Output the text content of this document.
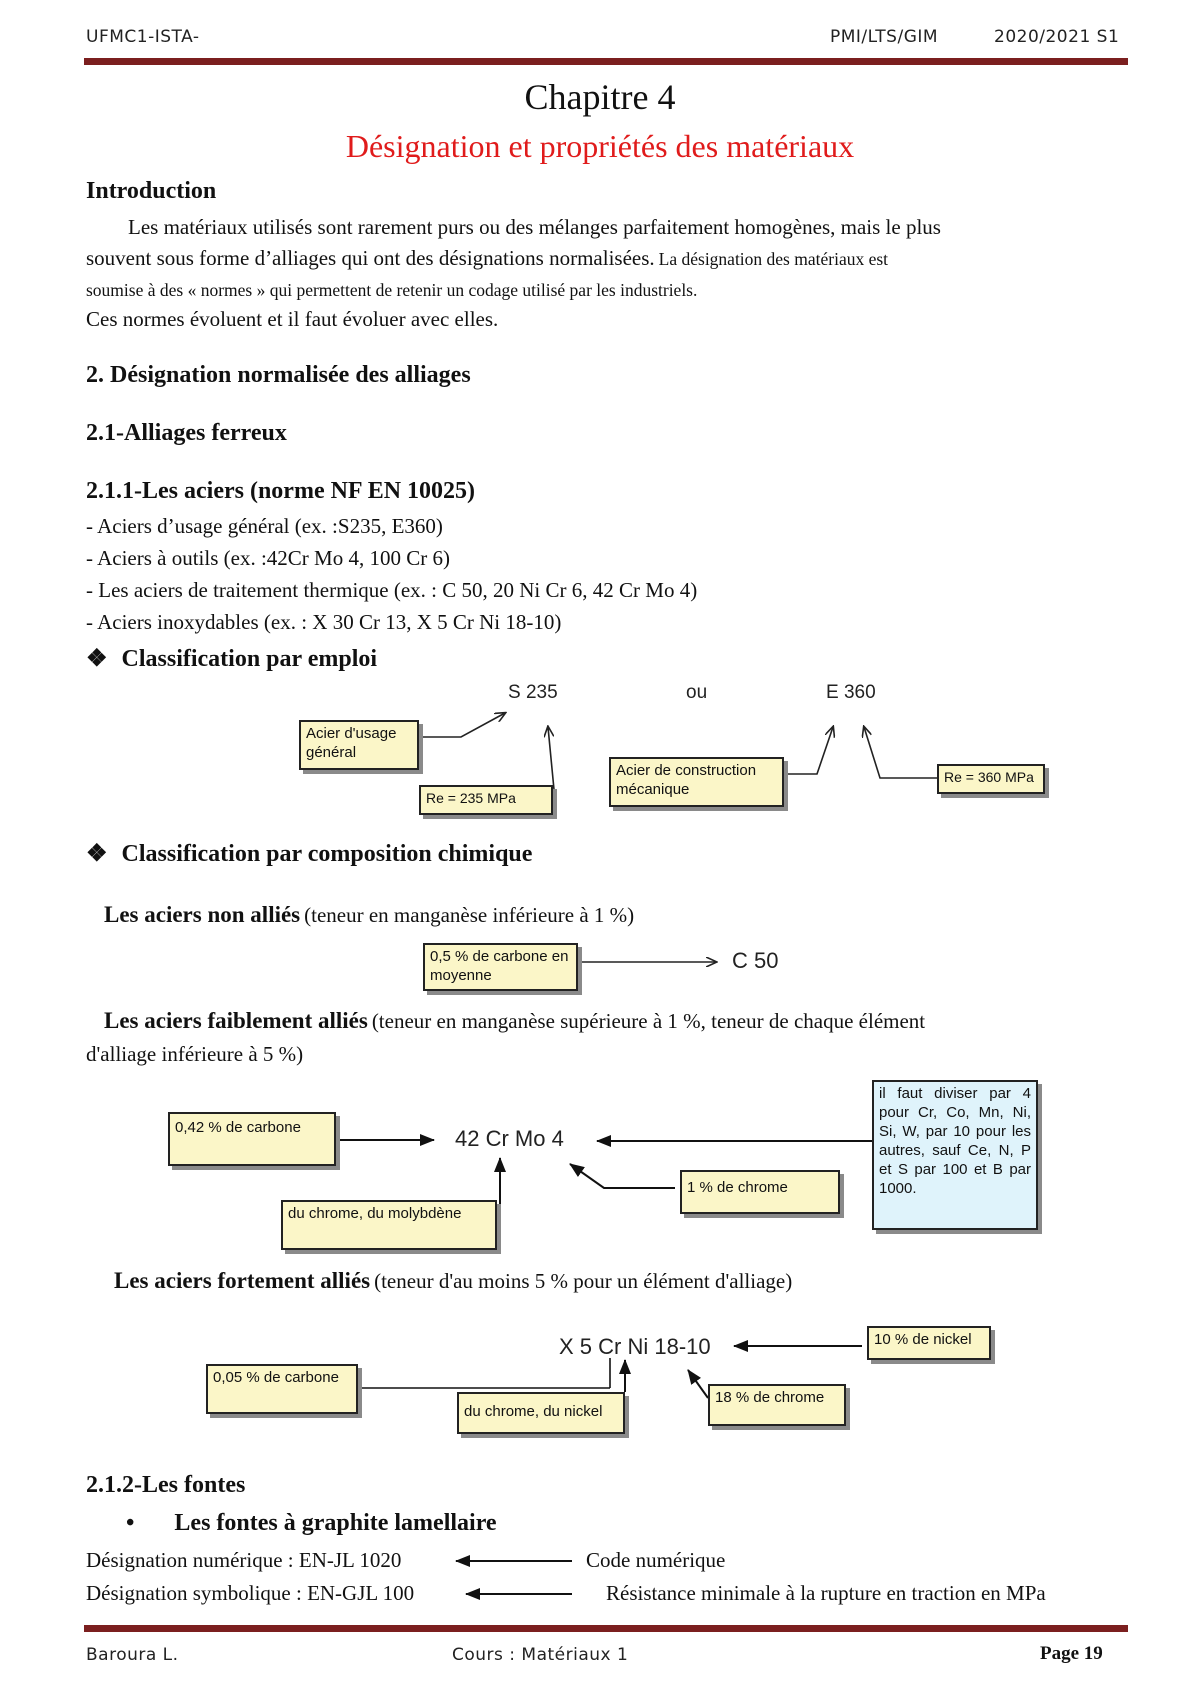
UFMC1-ISTA-	PMI/LTS/GIM	2020/2021 S1
Chapitre 4
Désignation et propriétés des matériaux
Introduction
Les matériaux utilisés sont rarement purs ou des mélanges parfaitement homogènes, mais le plus
souvent sous forme d’alliages qui ont des désignations normalisées. La désignation des matériaux est
soumise à des « normes » qui permettent de retenir un codage utilisé par les industriels.
Ces normes évoluent et il faut évoluer avec elles.
2. Désignation normalisée des alliages
2.1-Alliages ferreux
2.1.1-Les aciers (norme NF EN 10025)
- Aciers d’usage général (ex. :S235, E360)
- Aciers à outils (ex. :42Cr Mo 4, 100 Cr 6)
- Les aciers de traitement thermique (ex. : C 50, 20 Ni Cr 6, 42 Cr Mo 4)
- Aciers inoxydables (ex. : X 30 Cr 13, X 5 Cr Ni 18-10)
❖ Classification par emploi
S 235	ou	E 360
Acier d'usage général
Re = 235 MPa
Acier de construction mécanique
Re = 360 MPa
❖ Classification par composition chimique
Les aciers non alliés (teneur en manganèse inférieure à 1 %)
0,5 % de carbone en moyenne
C 50
Les aciers faiblement alliés (teneur en manganèse supérieure à 1 %, teneur de chaque élément
d'alliage inférieure à 5 %)
0,42 % de carbone	42 Cr Mo 4
du chrome, du molybdène
1 % de chrome
il faut diviser par 4 pour Cr, Co, Mn, Ni, Si, W, par 10 pour les autres, sauf Ce, N, P et S par 100 et B par 1000.
Les aciers fortement alliés (teneur d'au moins 5 % pour un élément d'alliage)
X 5 Cr Ni 18-10	10 % de nickel
0,05 % de carbone
du chrome, du nickel
18 % de chrome
2.1.2-Les fontes
• Les fontes à graphite lamellaire
Désignation numérique : EN-JL 1020	Code numérique
Désignation symbolique : EN-GJL 100	Résistance minimale à la rupture en traction en MPa
Baroura L.	Cours : Matériaux 1	Page 19
